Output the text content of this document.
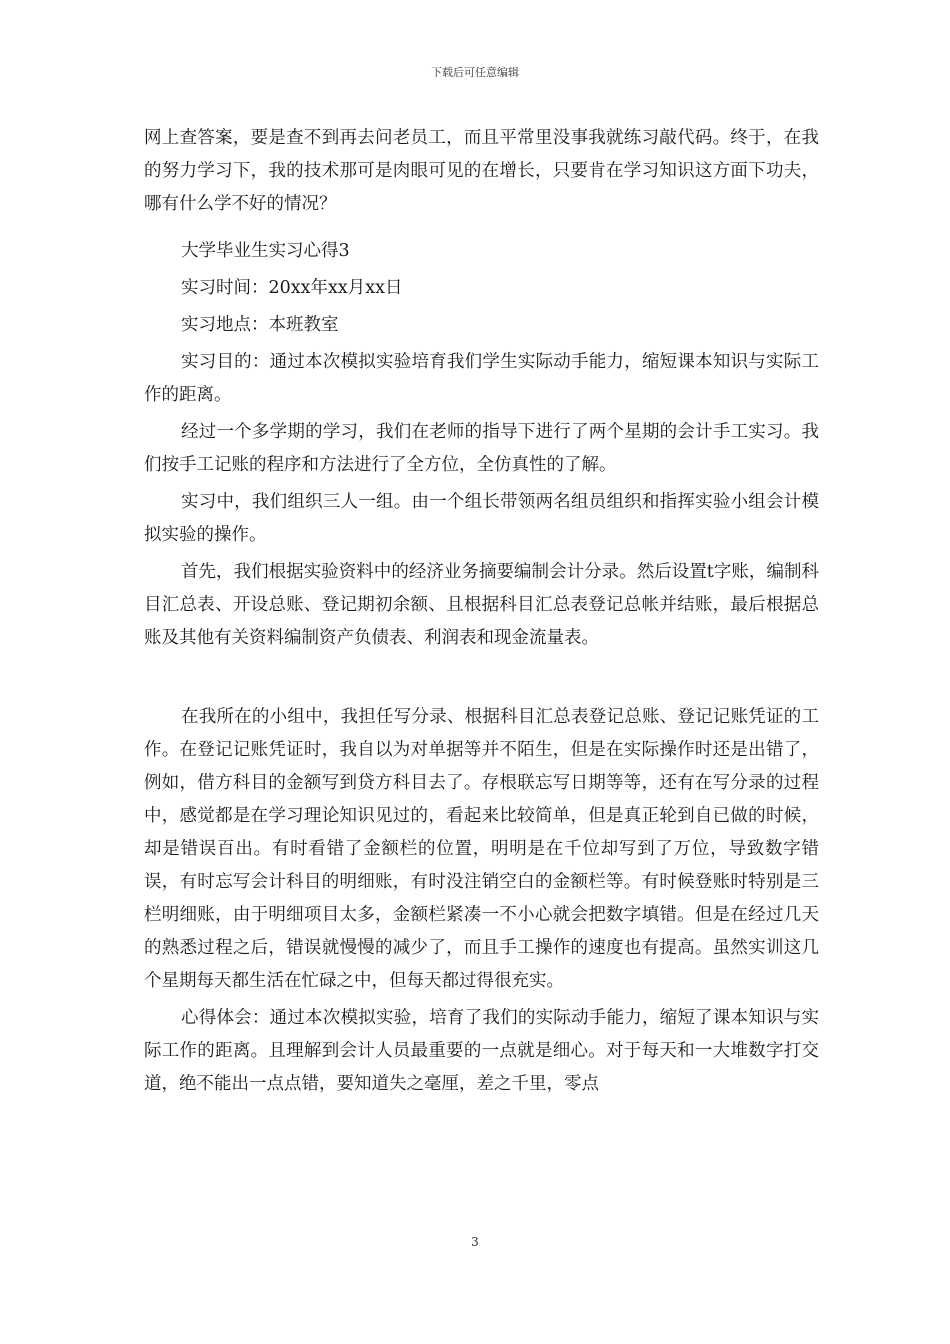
下载后可任意编辑

网上查答案，要是查不到再去问老员工，而且平常里没事我就练习敲代码。终于，在我的努力学习下，我的技术那可是肉眼可见的在增长，只要肯在学习知识这方面下功夫，哪有什么学不好的情况？

大学毕业生实习心得3

实习时间：20xx年xx月xx日

实习地点：本班教室

实习目的：通过本次模拟实验培育我们学生实际动手能力，缩短课本知识与实际工作的距离。

经过一个多学期的学习，我们在老师的指导下进行了两个星期的会计手工实习。我们按手工记账的程序和方法进行了全方位，全仿真性的了解。

实习中，我们组织三人一组。由一个组长带领两名组员组织和指挥实验小组会计模拟实验的操作。

首先，我们根据实验资料中的经济业务摘要编制会计分录。然后设置t字账，编制科目汇总表、开设总账、登记期初余额、且根据科目汇总表登记总帐并结账，最后根据总账及其他有关资料编制资产负债表、利润表和现金流量表。

在我所在的小组中，我担任写分录、根据科目汇总表登记总账、登记记账凭证的工作。在登记记账凭证时，我自以为对单据等并不陌生，但是在实际操作时还是出错了，例如，借方科目的金额写到贷方科目去了。存根联忘写日期等等，还有在写分录的过程中，感觉都是在学习理论知识见过的，看起来比较简单，但是真正轮到自已做的时候，却是错误百出。有时看错了金额栏的位置，明明是在千位却写到了万位，导致数字错误，有时忘写会计科目的明细账，有时没注销空白的金额栏等。有时候登账时特别是三栏明细账，由于明细项目太多，金额栏紧凑一不小心就会把数字填错。但是在经过几天的熟悉过程之后，错误就慢慢的减少了，而且手工操作的速度也有提高。虽然实训这几个星期每天都生活在忙碌之中，但每天都过得很充实。

心得体会：通过本次模拟实验，培育了我们的实际动手能力，缩短了课本知识与实际工作的距离。且理解到会计人员最重要的一点就是细心。对于每天和一大堆数字打交道，绝不能出一点点错，要知道失之毫厘，差之千里，零点

3
